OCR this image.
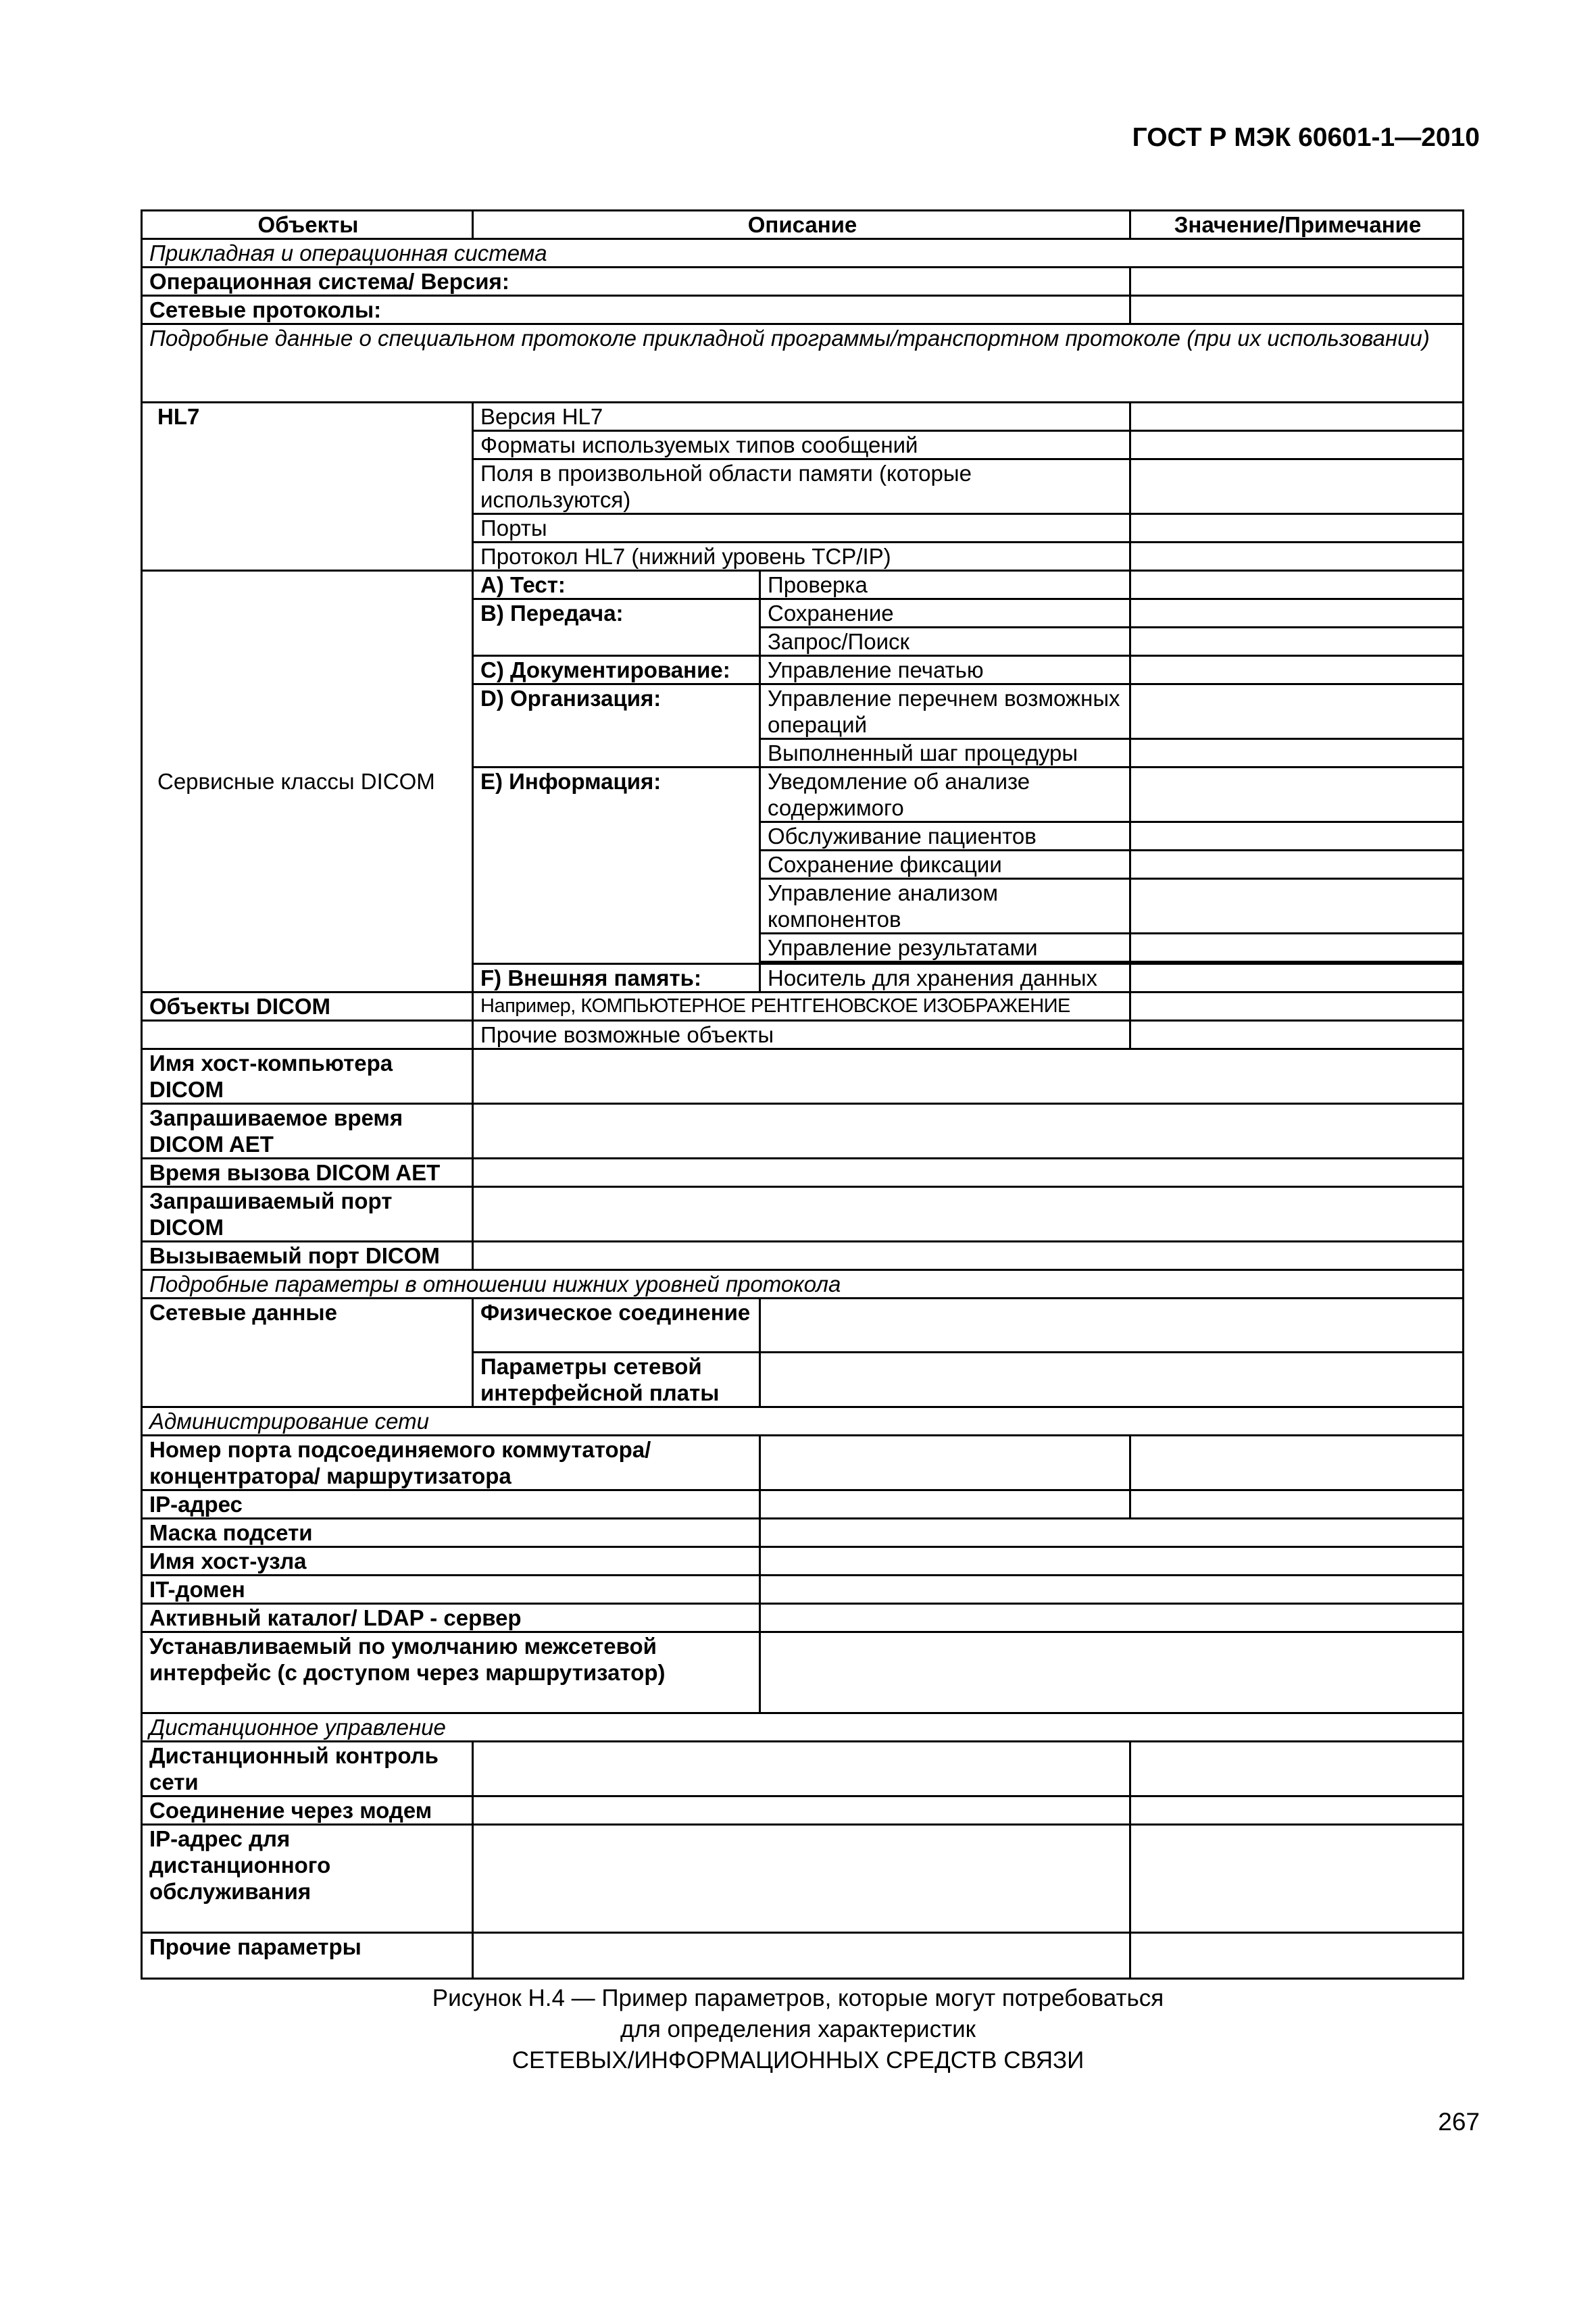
ГОСТ Р МЭК 60601-1—2010
Объекты	Описание		Значение/Примечание
Прикладная и операционная система			
Операционная система/ Версия:			
Сетевые протоколы:			
Подробные данные о специальном протоколе прикладной программы/транспортном протоколе (при их использовании)			
HL7	Версия HL7		
	Форматы используемых типов сообщений		
	Поля в произвольной области памяти (которые используются)		
	Порты		
	Протокол HL7 (нижний уровень TCP/IP)		
Сервисные классы DICOM	A) Тест:	Проверка	
	B) Передача:	Сохранение	
		Запрос/Поиск	
	C) Документирование:	Управление печатью	
	D) Организация:	Управление перечнем возможных операций	
		Выполненный шаг процедуры	
	E) Информация:	Уведомление об анализе содержимого	
		Обслуживание пациентов	
		Сохранение фиксации	
		Управление анализом компонентов	
		Управление результатами	

	F) Внешняя память:	Носитель для хранения данных	
Объекты DICOM	Например, КОМПЬЮТЕРНОЕ РЕНТГЕНОВСКОЕ ИЗОБРАЖЕНИЕ		
	Прочие возможные объекты		
Имя хост-компьютера DICOM			
Запрашиваемое время DICOM AET			
Время вызова DICOM AET			
Запрашиваемый порт DICOM			
Вызываемый порт DICOM			
Подробные параметры в отношении нижних уровней протокола			
Сетевые данные	Физическое соединение		
	Параметры сетевой интерфейсной платы		
Администрирование сети			
Номер порта подсоединяемого коммутатора/ концентратора/ маршрутизатора			
IP-адрес			
Маска подсети			
Имя хост-узла			
IT-домен			
Активный каталог/ LDAP - сервер			
Устанавливаемый по умолчанию межсетевой интерфейс (с доступом через маршрутизатор)			
Дистанционное управление			
Дистанционный контроль сети			
Соединение через модем			
IP-адрес для дистанционного обслуживания			
Прочие параметры			
Рисунок Н.4 — Пример параметров, которые могут потребоваться
для определения характеристик
СЕТЕВЫХ/ИНФОРМАЦИОННЫХ СРЕДСТВ СВЯЗИ
267
